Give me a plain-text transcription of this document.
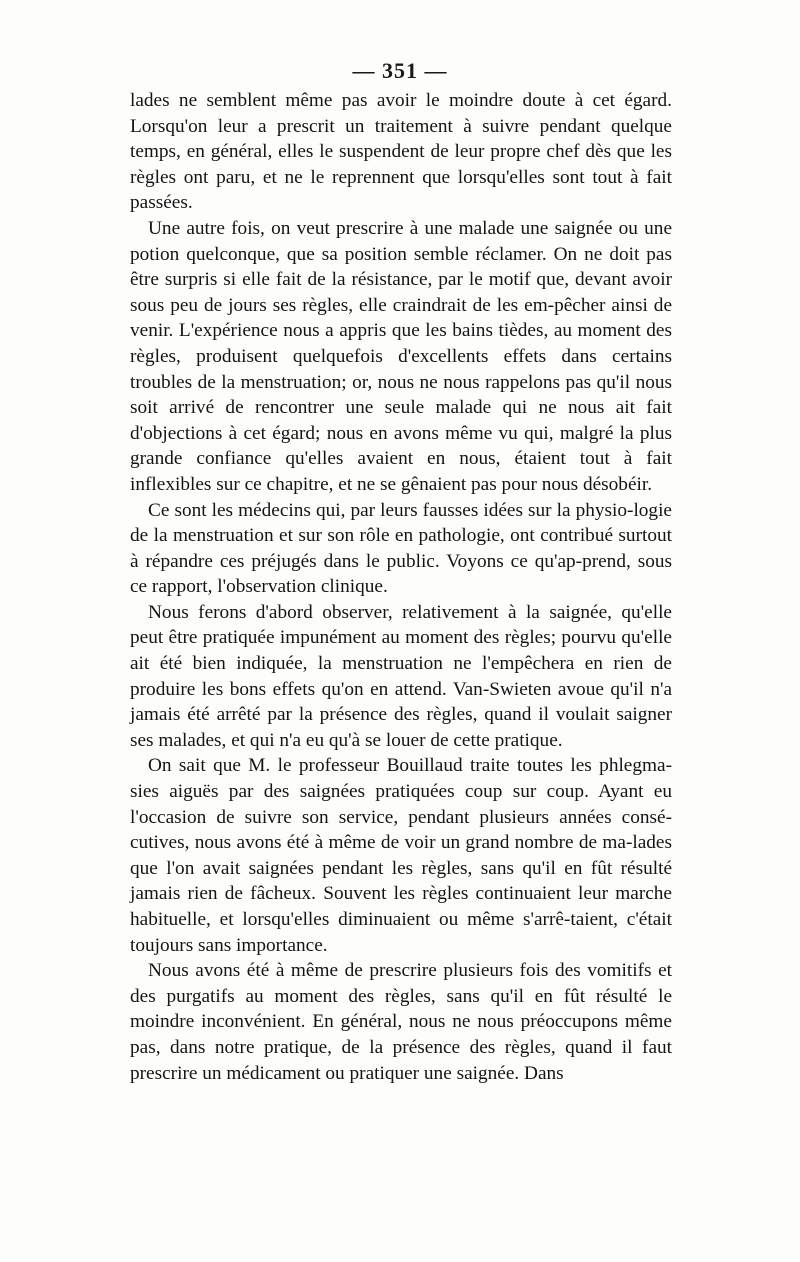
— 351 —

lades ne semblent même pas avoir le moindre doute à cet égard. Lorsqu'on leur a prescrit un traitement à suivre pendant quelque temps, en général, elles le suspendent de leur propre chef dès que les règles ont paru, et ne le reprennent que lorsqu'elles sont tout à fait passées.

Une autre fois, on veut prescrire à une malade une saignée ou une potion quelconque, que sa position semble réclamer. On ne doit pas être surpris si elle fait de la résistance, par le motif que, devant avoir sous peu de jours ses règles, elle craindrait de les em-pêcher ainsi de venir. L'expérience nous a appris que les bains tièdes, au moment des règles, produisent quelquefois d'excellents effets dans certains troubles de la menstruation; or, nous ne nous rappelons pas qu'il nous soit arrivé de rencontrer une seule malade qui ne nous ait fait d'objections à cet égard; nous en avons même vu qui, malgré la plus grande confiance qu'elles avaient en nous, étaient tout à fait inflexibles sur ce chapitre, et ne se gênaient pas pour nous désobéir.

Ce sont les médecins qui, par leurs fausses idées sur la physio-logie de la menstruation et sur son rôle en pathologie, ont contribué surtout à répandre ces préjugés dans le public. Voyons ce qu'ap-prend, sous ce rapport, l'observation clinique.

Nous ferons d'abord observer, relativement à la saignée, qu'elle peut être pratiquée impunément au moment des règles; pourvu qu'elle ait été bien indiquée, la menstruation ne l'empêchera en rien de produire les bons effets qu'on en attend. Van-Swieten avoue qu'il n'a jamais été arrêté par la présence des règles, quand il voulait saigner ses malades, et qui n'a eu qu'à se louer de cette pratique.

On sait que M. le professeur Bouillaud traite toutes les phlegma-sies aiguës par des saignées pratiquées coup sur coup. Ayant eu l'occasion de suivre son service, pendant plusieurs années consé-cutives, nous avons été à même de voir un grand nombre de ma-lades que l'on avait saignées pendant les règles, sans qu'il en fût résulté jamais rien de fâcheux. Souvent les règles continuaient leur marche habituelle, et lorsqu'elles diminuaient ou même s'arrê-taient, c'était toujours sans importance.

Nous avons été à même de prescrire plusieurs fois des vomitifs et des purgatifs au moment des règles, sans qu'il en fût résulté le moindre inconvénient. En général, nous ne nous préoccupons même pas, dans notre pratique, de la présence des règles, quand il faut prescrire un médicament ou pratiquer une saignée. Dans
